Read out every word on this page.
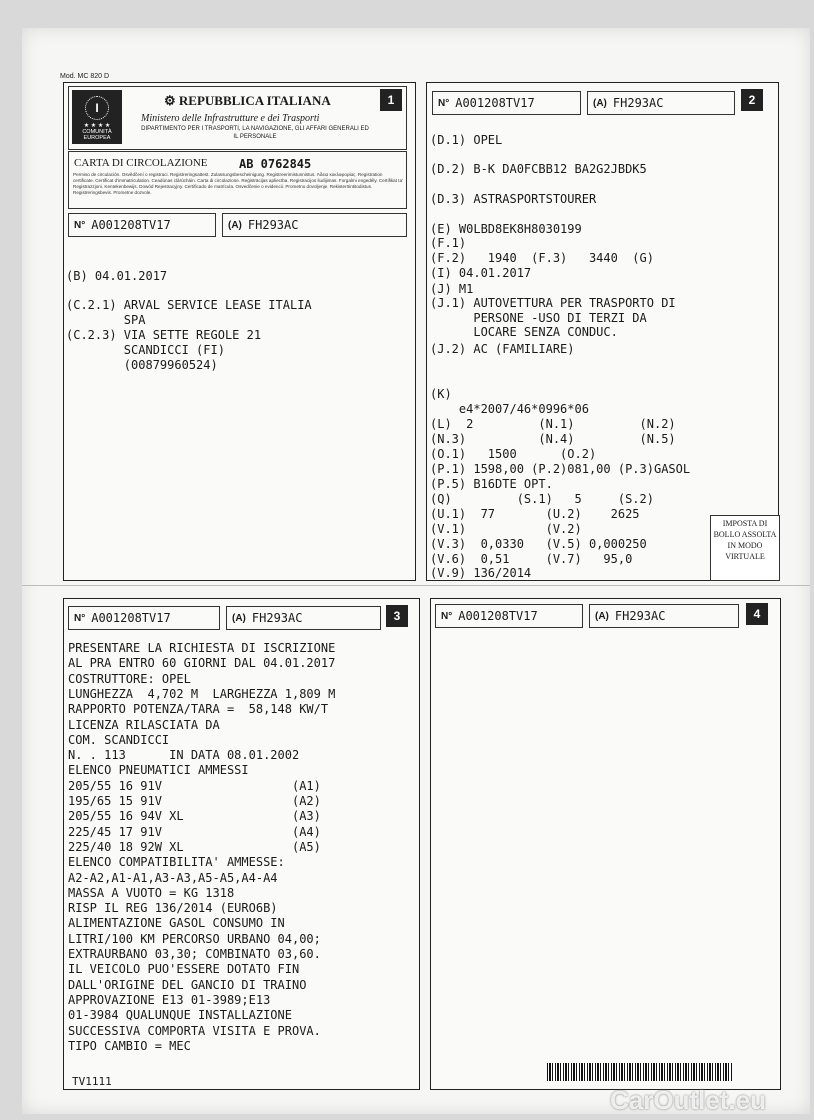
Mod. MC 820 D
1
I
★ ★ ★ ★
COMUNITÀ EUROPEA
⚙ REPUBBLICA ITALIANA
Ministero delle Infrastrutture e dei Trasporti
DIPARTIMENTO PER I TRASPORTI, LA NAVIGAZIONE, GLI AFFARI GENERALI ED IL PERSONALE
CARTA DI CIRCOLAZIONE	AB 0762845
Permiso de circulación. Osvědčení o registraci. Registreringsattest. Zulassungsbescheinigung. Registreerimistunnistus. Άδεια κυκλοφορίας. Registration certificate. Certificat d'immatriculation. Ceadúnas clárúcháin. Carta di circolazione. Reģistrācijas apliecība. Registracijos liudijimas. Forgalmi engedély. Certifikat ta' Registrazzjoni. Kentekenbewijs. Dowód Rejestracyjny. Certificado de matrícula. Osvedčenie o evidencii. Prometno dovoljenje. Rekisteröintitodistus. Registreringsbevis. Prometne dozvole.
N° A001208TV17	(A) FH293AC
(B) 04.01.2017
(C.2.1) ARVAL SERVICE LEASE ITALIA
SPA
(C.2.3) VIA SETTE REGOLE 21
SCANDICCI (FI)
(00879960524)
2
N° A001208TV17	(A) FH293AC
(D.1) OPEL
(D.2) B-K DA0FCBB12 BA2G2JBDK5
(D.3) ASTRASPORTSTOURER
(E) W0LBD8EK8H8030199
(F.1)
(F.2)   1940  (F.3)   3440  (G)
(I) 04.01.2017
(J) M1
(J.1) AUTOVETTURA PER TRASPORTO DI
PERSONE -USO DI TERZI DA
LOCARE SENZA CONDUC.
(J.2) AC (FAMILIARE)
(K)
e4*2007/46*0996*06
(L)  2         (N.1)         (N.2)
(N.3)          (N.4)         (N.5)
(O.1)   1500      (O.2)
(P.1) 1598,00 (P.2)081,00 (P.3)GASOL
(P.5) B16DTE OPT.
(Q)         (S.1)   5     (S.2)
(U.1)  77       (U.2)    2625
(V.1)           (V.2)
(V.3)  0,0330   (V.5) 0,000250
(V.6)  0,51     (V.7)   95,0
(V.9) 136/2014
IMPOSTA DI BOLLO ASSOLTA IN MODO VIRTUALE
3
N° A001208TV17	(A) FH293AC
PRESENTARE LA RICHIESTA DI ISCRIZIONE
AL PRA ENTRO 60 GIORNI DAL 04.01.2017
COSTRUTTORE: OPEL
LUNGHEZZA  4,702 M  LARGHEZZA 1,809 M
RAPPORTO POTENZA/TARA =  58,148 KW/T
LICENZA RILASCIATA DA
COM. SCANDICCI
N. . 113      IN DATA 08.01.2002
ELENCO PNEUMATICI AMMESSI
205/55 16 91V                  (A1)
195/65 15 91V                  (A2)
205/55 16 94V XL               (A3)
225/45 17 91V                  (A4)
225/40 18 92W XL               (A5)
ELENCO COMPATIBILITA' AMMESSE:
A2-A2,A1-A1,A3-A3,A5-A5,A4-A4
MASSA A VUOTO = KG 1318
RISP IL REG 136/2014 (EURO6B)
ALIMENTAZIONE GASOL CONSUMO IN
LITRI/100 KM PERCORSO URBANO 04,00;
EXTRAURBANO 03,30; COMBINATO 03,60.
IL VEICOLO PUO'ESSERE DOTATO FIN
DALL'ORIGINE DEL GANCIO DI TRAINO
APPROVAZIONE E13 01-3989;E13
01-3984 QUALUNQUE INSTALLAZIONE
SUCCESSIVA COMPORTA VISITA E PROVA.
TIPO CAMBIO = MEC
TV1111
4
N° A001208TV17	(A) FH293AC
CarOutlet.eu
